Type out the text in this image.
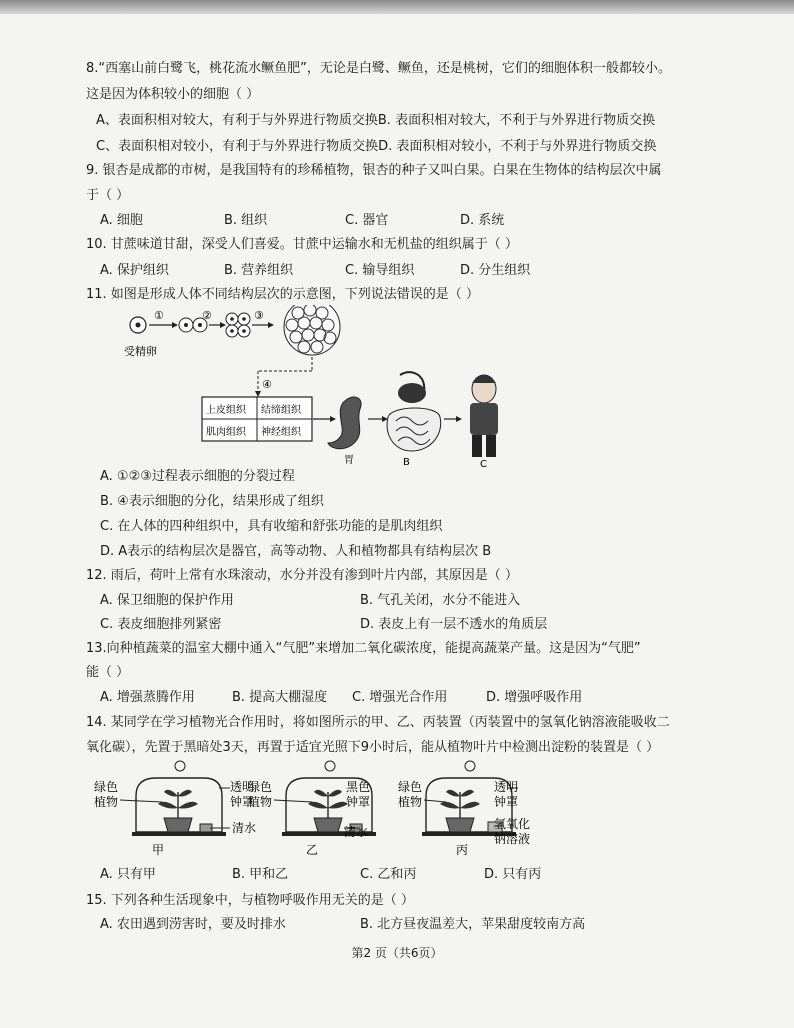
8.“西塞山前白鹭飞，桃花流水鳜鱼肥”，无论是白鹭、鳜鱼，还是桃树，它们的细胞体积一般都较小。
这是因为体积较小的细胞（ ）
A、表面积相对较大，有利于与外界进行物质交换B. 表面积相对较大，不利于与外界进行物质交换
C、表面积相对较小，有利于与外界进行物质交换D. 表面积相对较小，不利于与外界进行物质交换
9. 银杏是成都的市树，是我国特有的珍稀植物，银杏的种子又叫白果。白果在生物体的结构层次中属
于（ ）
A. 细胞	B. 组织	C. 器官	D. 系统
10. 甘蔗味道甘甜，深受人们喜爱。甘蔗中运输水和无机盐的组织属于（ ）
A. 保护组织	B. 营养组织	C. 输导组织	D. 分生组织
11. 如图是形成人体不同结构层次的示意图，下列说法错误的是（ ）
受精卵
①	②	③
④
上皮组织 结缔组织
肌肉组织 神经组织
胃	B	C
A. ①②③过程表示细胞的分裂过程
B. ④表示细胞的分化，结果形成了组织
C. 在人体的四种组织中，具有收缩和舒张功能的是肌肉组织
D. A表示的结构层次是器官，高等动物、人和植物都具有结构层次 B
12. 雨后，荷叶上常有水珠滚动，水分并没有渗到叶片内部，其原因是（ ）
A. 保卫细胞的保护作用	B. 气孔关闭，水分不能进入
C. 表皮细胞排列紧密	D. 表皮上有一层不透水的角质层
13.向种植蔬菜的温室大棚中通入“气肥”来增加二氧化碳浓度，能提高蔬菜产量。这是因为“气肥”
能（ ）
A. 增强蒸腾作用	B. 提高大棚湿度 C. 增强光合作用	D. 增强呼吸作用
14. 某同学在学习植物光合作用时，将如图所示的甲、乙、丙装置（丙装置中的氢氧化钠溶液能吸收二
氧化碳），先置于黑暗处3天，再置于适宜光照下9小时后，能从植物叶片中检测出淀粉的装置是（ ）
绿色
植物
透明
钟罩
清水
甲
绿色
植物
黑色
钟罩
清水
乙
绿色
植物
透明
钟罩
氢氧化
钠溶液
丙
A. 只有甲	B. 甲和乙	C. 乙和丙	D. 只有丙
15. 下列各种生活现象中，与植物呼吸作用无关的是（ ）
A. 农田遇到涝害时，要及时排水	B. 北方昼夜温差大，苹果甜度较南方高
第2 页（共6页）
